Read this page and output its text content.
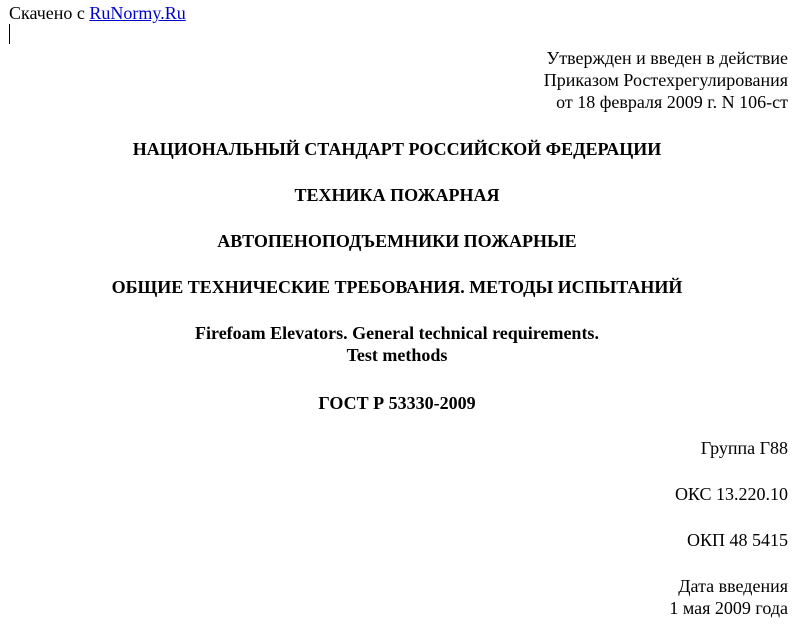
Скачено с RuNormy.Ru
Утвержден и введен в действие
Приказом Ростехрегулирования
от 18 февраля 2009 г. N 106-ст
НАЦИОНАЛЬНЫЙ СТАНДАРТ РОССИЙСКОЙ ФЕДЕРАЦИИ
ТЕХНИКА ПОЖАРНАЯ
АВТОПЕНОПОДЪЕМНИКИ ПОЖАРНЫЕ
ОБЩИЕ ТЕХНИЧЕСКИЕ ТРЕБОВАНИЯ. МЕТОДЫ ИСПЫТАНИЙ
Firefoam Elevators. General technical requirements.
Test methods
ГОСТ Р 53330-2009
Группа Г88
ОКС 13.220.10
ОКП 48 5415
Дата введения
1 мая 2009 года
